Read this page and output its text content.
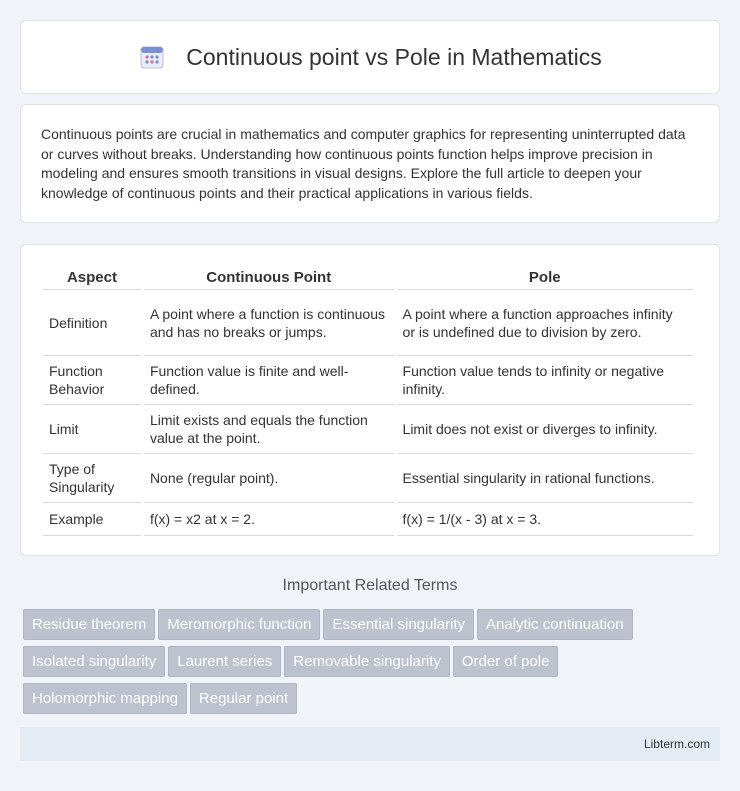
Continuous point vs Pole in Mathematics

Continuous points are crucial in mathematics and computer graphics for representing uninterrupted data or curves without breaks. Understanding how continuous points function helps improve precision in modeling and ensures smooth transitions in visual designs. Explore the full article to deepen your knowledge of continuous points and their practical applications in various fields.

Aspect	Continuous Point	Pole
Definition	A point where a function is continuous and has no breaks or jumps.	A point where a function approaches infinity or is undefined due to division by zero.
Function Behavior	Function value is finite and well-defined.	Function value tends to infinity or negative infinity.
Limit	Limit exists and equals the function value at the point.	Limit does not exist or diverges to infinity.
Type of Singularity	None (regular point).	Essential singularity in rational functions.
Example	f(x) = x2 at x = 2.	f(x) = 1/(x - 3) at x = 3.
Important Related Terms
Residue theorem Meromorphic function Essential singularity Analytic continuation
Isolated singularity Laurent series Removable singularity Order of pole
Holomorphic mapping Regular point
Libterm.com
